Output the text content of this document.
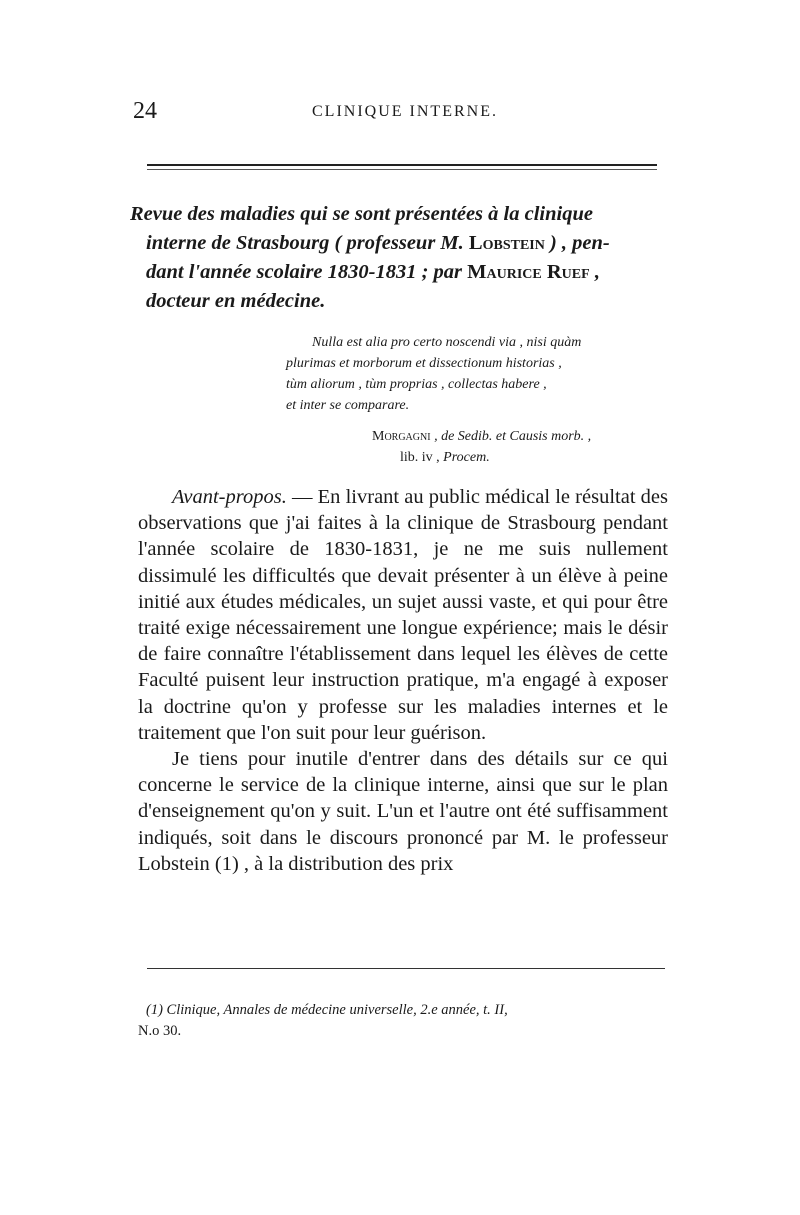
24	CLINIQUE INTERNE.
Revue des maladies qui se sont présentées à la clinique
interne de Strasbourg ( professeur M. Lobstein ) , pen-
dant l'année scolaire 1830-1831 ; par Maurice Ruef ,
docteur en médecine.
Nulla est alia pro certo noscendi via , nisi quàm
plurimas et morborum et dissectionum historias ,
tùm aliorum , tùm proprias , collectas habere ,
et inter se comparare.
Morgagni , de Sedib. et Causis morb. ,
lib. iv , Procem.

Avant-propos. — En livrant au public médical le résultat des observations que j'ai faites à la clinique de Strasbourg pendant l'année scolaire de 1830-1831, je ne me suis nullement dissimulé les difficultés que devait présenter à un élève à peine initié aux études médicales, un sujet aussi vaste, et qui pour être traité exige nécessairement une longue expérience; mais le désir de faire connaître l'établissement dans lequel les élèves de cette Faculté puisent leur instruction pratique, m'a engagé à exposer la doctrine qu'on y professe sur les maladies internes et le traitement que l'on suit pour leur guérison.

Je tiens pour inutile d'entrer dans des détails sur ce qui concerne le service de la clinique interne, ainsi que sur le plan d'enseignement qu'on y suit. L'un et l'autre ont été suffisamment indiqués, soit dans le discours prononcé par M. le professeur Lobstein (1) , à la distribution des prix

(1) Clinique, Annales de médecine universelle, 2.e année, t. II,
N.o 30.
